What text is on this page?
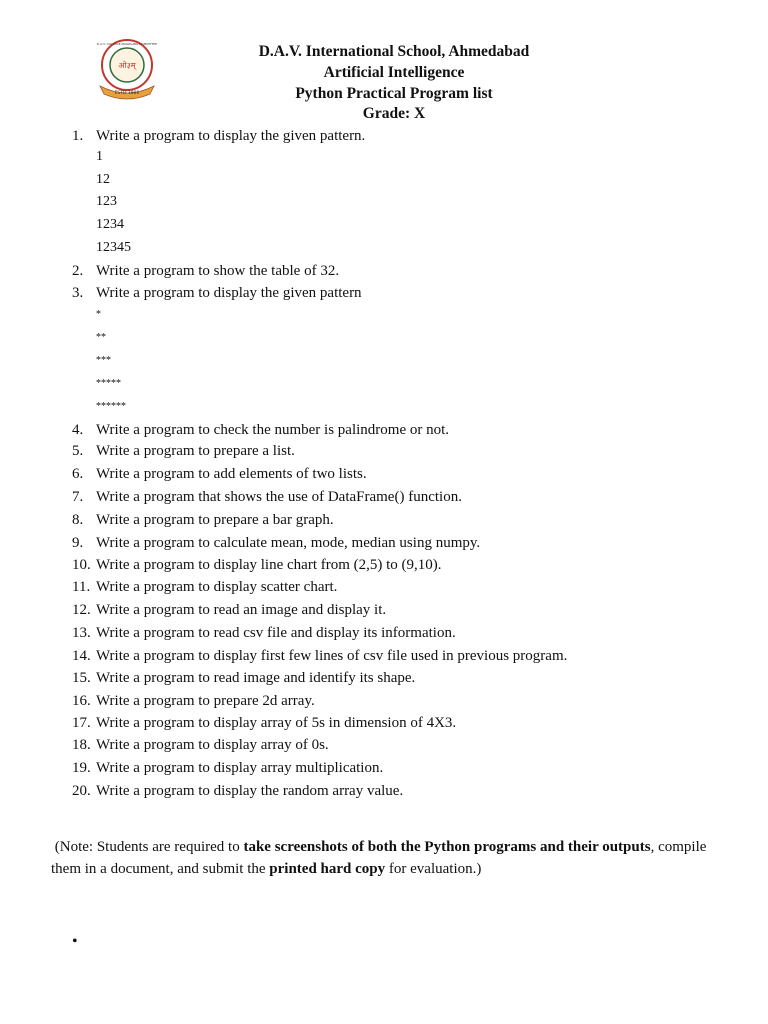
ओ३म्
ESTD 1886
D.A.V. COLLEGE MANAGING COMMITTEE	D.A.V. International School, Ahmedabad
Artificial Intelligence
Python Practical Program list
Grade: X
1. Write a program to display the given pattern.
1
12
123
1234
12345
2. Write a program to show the table of 32.
3. Write a program to display the given pattern
*
**
***
*****
******
4. Write a program to check the number is palindrome or not.
5. Write a program to prepare a list.
6. Write a program to add elements of two lists.
7. Write a program that shows the use of DataFrame() function.
8. Write a program to prepare a bar graph.
9. Write a program to calculate mean, mode, median using numpy.
10. Write a program to display line chart from (2,5) to (9,10).
11. Write a program to display scatter chart.
12. Write a program to read an image and display it.
13. Write a program to read csv file and display its information.
14. Write a program to display first few lines of csv file used in previous program.
15. Write a program to read image and identify its shape.
16. Write a program to prepare 2d array.
17. Write a program to display array of 5s in dimension of 4X3.
18. Write a program to display array of 0s.
19. Write a program to display array multiplication.
20. Write a program to display the random array value.
(Note: Students are required to take screenshots of both the Python programs and their outputs, compile them in a document, and submit the printed hard copy for evaluation.)
•
